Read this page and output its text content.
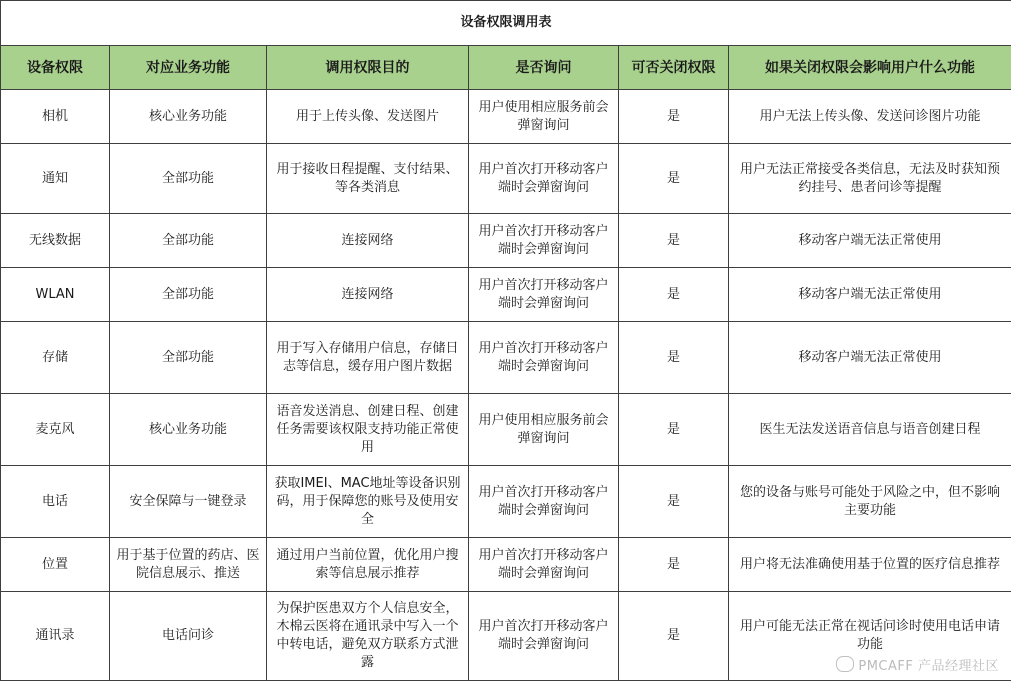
设备权限调用表					
设备权限	对应业务功能	调用权限目的	是否询问	可否关闭权限	如果关闭权限会影响用户什么功能
相机	核心业务功能	用于上传头像、发送图片	用户使用相应服务前会弹窗询问	是	用户无法上传头像、发送问诊图片功能
通知	全部功能	用于接收日程提醒、支付结果、等各类消息	用户首次打开移动客户端时会弹窗询问	是	用户无法正常接受各类信息，无法及时获知预约挂号、患者问诊等提醒
无线数据	全部功能	连接网络	用户首次打开移动客户端时会弹窗询问	是	移动客户端无法正常使用
WLAN	全部功能	连接网络	用户首次打开移动客户端时会弹窗询问	是	移动客户端无法正常使用
存储	全部功能	用于写入存储用户信息，存储日志等信息，缓存用户图片数据	用户首次打开移动客户端时会弹窗询问	是	移动客户端无法正常使用
麦克风	核心业务功能	语音发送消息、创建日程、创建任务需要该权限支持功能正常使用	用户使用相应服务前会弹窗询问	是	医生无法发送语音信息与语音创建日程
电话	安全保障与一键登录	获取IMEI、MAC地址等设备识别码，用于保障您的账号及使用安全	用户首次打开移动客户端时会弹窗询问	是	您的设备与账号可能处于风险之中，但不影响主要功能
位置	用于基于位置的药店、医院信息展示、推送	通过用户当前位置，优化用户搜索等信息展示推荐	用户首次打开移动客户端时会弹窗询问	是	用户将无法准确使用基于位置的医疗信息推荐
通讯录	电话问诊	为保护医患双方个人信息安全，木棉云医将在通讯录中写入一个中转电话，避免双方联系方式泄露	用户首次打开移动客户端时会弹窗询问	是	用户可能无法正常在视话问诊时使用电话申请功能
PMCAFF 产品经理社区
